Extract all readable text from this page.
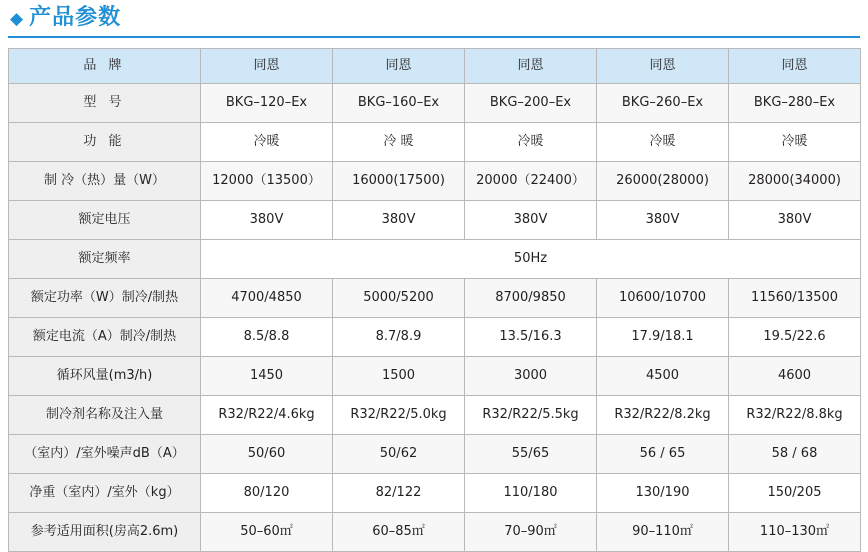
◆ 产品参数
品 牌	同恩	同恩	同恩	同恩	同恩
型 号	BKG–120–Ex	BKG–160–Ex	BKG–200–Ex	BKG–260–Ex	BKG–280–Ex
功 能	冷暖	冷 暖	冷暖	冷暖	冷暖
制 冷（热）量（W）	12000（13500）	16000(17500)	20000（22400）	26000(28000)	28000(34000)
额定电压	380V	380V	380V	380V	380V
额定频率	50Hz				
额定功率（W）制冷/制热	4700/4850	5000/5200	8700/9850	10600/10700	11560/13500
额定电流（A）制冷/制热	8.5/8.8	8.7/8.9	13.5/16.3	17.9/18.1	19.5/22.6
循环风量(m3/h)	1450	1500	3000	4500	4600
制冷剂名称及注入量	R32/R22/4.6kg	R32/R22/5.0kg	R32/R22/5.5kg	R32/R22/8.2kg	R32/R22/8.8kg
（室内）/室外噪声dB（A）	50/60	50/62	55/65	56 / 65	58 / 68
净重（室内）/室外（kg）	80/120	82/122	110/180	130/190	150/205
参考适用面积(房高2.6m)	50–60㎡	60–85㎡	70–90㎡	90–110㎡	110–130㎡
